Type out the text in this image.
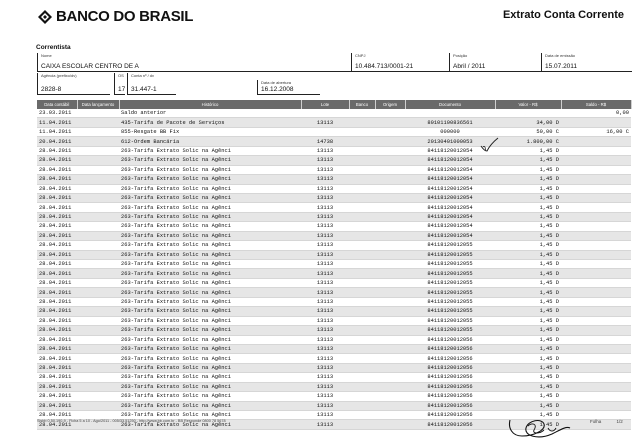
BANCO DO BRASIL	Extrato Conta Corrente
Correntista
Nome
CAIXA ESCOLAR CENTRO DE A
CNPJ
10.484.713/0001-21
Posição
Abril / 2011
Data de emissão
15.07.2011
Agência (prefixo/dv)
2828-8
OS
17
Conta nº / dv
31.447-1
Data de abertura
16.12.2008
Data contábil	Data lançamento	Histórico	Lote	Banco	Origem	Documento	Valor - R$	Saldo - R$
23.03.2011		Saldo anterior						0,00
11.04.2011		435-Tarifa de Pacote de Serviços	13113			80101100836561	34,00 D	
11.04.2011		855-Resgate BB Fix				000000	50,00 C	16,00 C
20.04.2011		612-Ordem Bancária	14738			20130401000053	1.800,00 C	
28.04.2011		263-Tarifa Extrato Solic na Agênci	13113			84118120012054	1,45 D	
28.04.2011		263-Tarifa Extrato Solic na Agênci	13113			84118120012054	1,45 D	
28.04.2011		263-Tarifa Extrato Solic na Agênci	13113			84118120012054	1,45 D	
28.04.2011		263-Tarifa Extrato Solic na Agênci	13113			84118120012054	1,45 D	
28.04.2011		263-Tarifa Extrato Solic na Agênci	13113			84118120012054	1,45 D	
28.04.2011		263-Tarifa Extrato Solic na Agênci	13113			84118120012054	1,45 D	
28.04.2011		263-Tarifa Extrato Solic na Agênci	13113			84118120012054	1,45 D	
28.04.2011		263-Tarifa Extrato Solic na Agênci	13113			84118120012054	1,45 D	
28.04.2011		263-Tarifa Extrato Solic na Agênci	13113			84118120012054	1,45 D	
28.04.2011		263-Tarifa Extrato Solic na Agênci	13113			84118120012054	1,45 D	
28.04.2011		263-Tarifa Extrato Solic na Agênci	13113			84118120012055	1,45 D	
28.04.2011		263-Tarifa Extrato Solic na Agênci	13113			84118120012055	1,45 D	
28.04.2011		263-Tarifa Extrato Solic na Agênci	13113			84118120012055	1,45 D	
28.04.2011		263-Tarifa Extrato Solic na Agênci	13113			84118120012055	1,45 D	
28.04.2011		263-Tarifa Extrato Solic na Agênci	13113			84118120012055	1,45 D	
28.04.2011		263-Tarifa Extrato Solic na Agênci	13113			84118120012055	1,45 D	
28.04.2011		263-Tarifa Extrato Solic na Agênci	13113			84118120012055	1,45 D	
28.04.2011		263-Tarifa Extrato Solic na Agênci	13113			84118120012055	1,45 D	
28.04.2011		263-Tarifa Extrato Solic na Agênci	13113			84118120012055	1,45 D	
28.04.2011		263-Tarifa Extrato Solic na Agênci	13113			84118120012055	1,45 D	
28.04.2011		263-Tarifa Extrato Solic na Agênci	13113			84118120012056	1,45 D	
28.04.2011		263-Tarifa Extrato Solic na Agênci	13113			84118120012056	1,45 D	
28.04.2011		263-Tarifa Extrato Solic na Agênci	13113			84118120012056	1,45 D	
28.04.2011		263-Tarifa Extrato Solic na Agênci	13113			84118120012056	1,45 D	
28.04.2011		263-Tarifa Extrato Solic na Agênci	13113			84118120012056	1,45 D	
28.04.2011		263-Tarifa Extrato Solic na Agênci	13113			84118120012056	1,45 D	
28.04.2011		263-Tarifa Extrato Solic na Agênci	13113			84118120012056	1,45 D	
28.04.2011		263-Tarifa Extrato Solic na Agênci	13113			84118120012056	1,45 D	
28.04.2011		263-Tarifa Extrato Solic na Agênci	13113			84118120012056	1,45 D	
28.04.2011		263-Tarifa Extrato Solic na Agênci	13113			84118120012056	1,45 D	
Sisbb 0.50.190-9 - Ficha 5 a 10 - Ago/2011 - 005/33.51250 - http://www.bb.com.br - BB Responde 0800 78 5678	Folha	1/2
